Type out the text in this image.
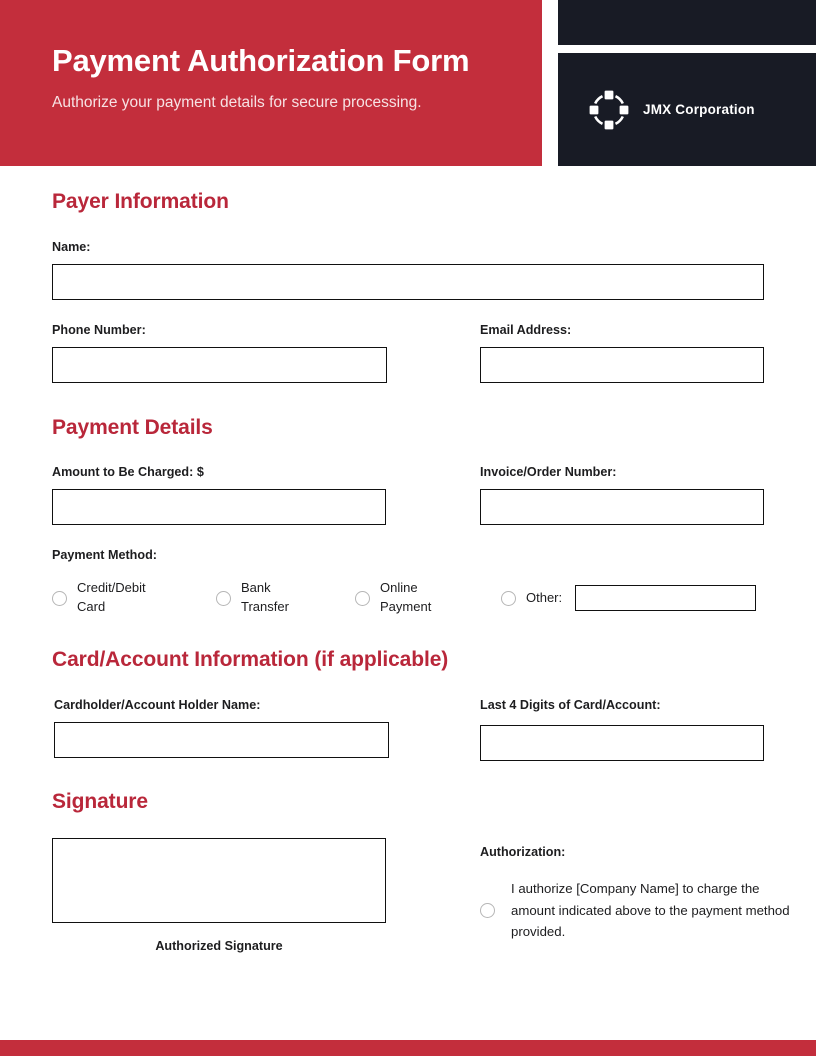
Payment Authorization Form
Authorize your payment details for secure processing.	JMX Corporation
Payer Information
Name:
Phone Number:	Email Address:
Payment Details
Amount to Be Charged: $	Invoice/Order Number:
Payment Method:
Credit/Debit Card
Bank Transfer
Online Payment
Other:
Card/Account Information (if applicable)
Cardholder/Account Holder Name:	Last 4 Digits of Card/Account:
Signature
Authorized Signature
Authorization:
I authorize [Company Name] to charge the amount indicated above to the payment method provided.
